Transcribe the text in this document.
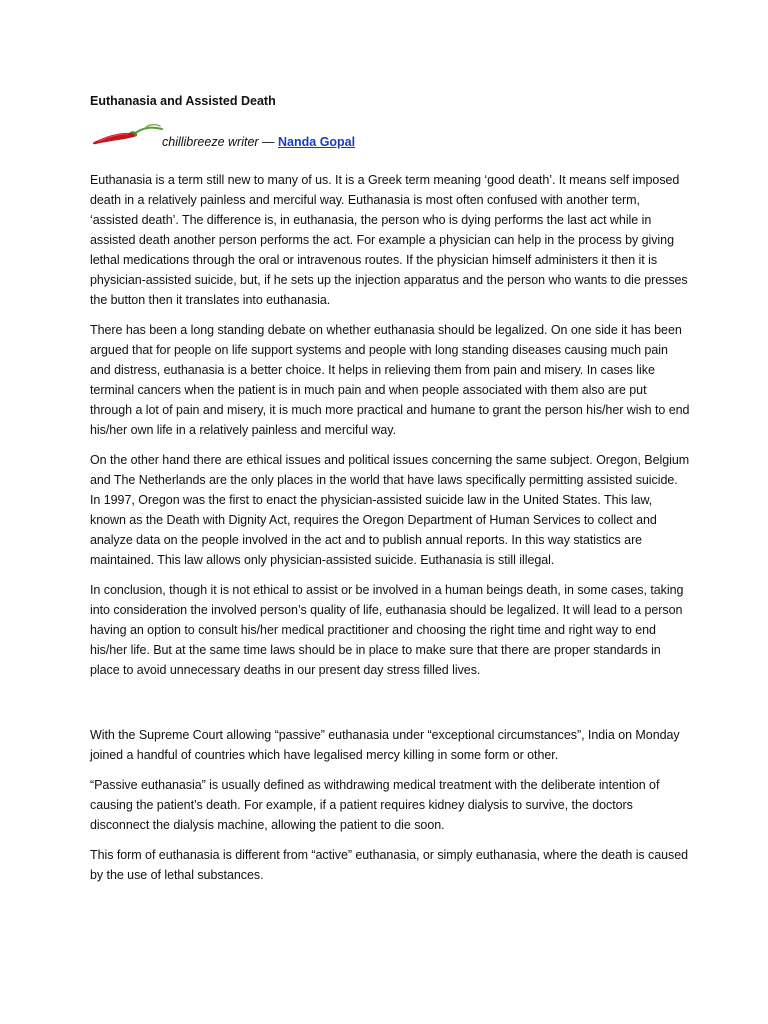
Euthanasia and Assisted Death
chillibreeze writer — Nanda Gopal

Euthanasia is a term still new to many of us. It is a Greek term meaning ‘good death’. It means self imposed death in a relatively painless and merciful way. Euthanasia is most often confused with another term, ‘assisted death’. The difference is, in euthanasia, the person who is dying performs the last act while in assisted death another person performs the act. For example a physician can help in the process by giving lethal medications through the oral or intravenous routes. If the physician himself administers it then it is physician-assisted suicide, but, if he sets up the injection apparatus and the person who wants to die presses the button then it translates into euthanasia.

There has been a long standing debate on whether euthanasia should be legalized. On one side it has been argued that for people on life support systems and people with long standing diseases causing much pain and distress, euthanasia is a better choice. It helps in relieving them from pain and misery. In cases like terminal cancers when the patient is in much pain and when people associated with them also are put through a lot of pain and misery, it is much more practical and humane to grant the person his/her wish to end his/her own life in a relatively painless and merciful way.

On the other hand there are ethical issues and political issues concerning the same subject. Oregon, Belgium and The Netherlands are the only places in the world that have laws specifically permitting assisted suicide. In 1997, Oregon was the first to enact the physician-assisted suicide law in the United States. This law, known as the Death with Dignity Act, requires the Oregon Department of Human Services to collect and analyze data on the people involved in the act and to publish annual reports. In this way statistics are maintained. This law allows only physician-assisted suicide. Euthanasia is still illegal.

In conclusion, though it is not ethical to assist or be involved in a human beings death, in some cases, taking into consideration the involved person’s quality of life, euthanasia should be legalized. It will lead to a person having an option to consult his/her medical practitioner and choosing the right time and right way to end his/her life. But at the same time laws should be in place to make sure that there are proper standards in place to avoid unnecessary deaths in our present day stress filled lives.

With the Supreme Court allowing “passive” euthanasia under “exceptional circumstances”, India on Monday joined a handful of countries which have legalised mercy killing in some form or other.

“Passive euthanasia” is usually defined as withdrawing medical treatment with the deliberate intention of causing the patient’s death. For example, if a patient requires kidney dialysis to survive, the doctors disconnect the dialysis machine, allowing the patient to die soon.

This form of euthanasia is different from “active” euthanasia, or simply euthanasia, where the death is caused by the use of lethal substances.
